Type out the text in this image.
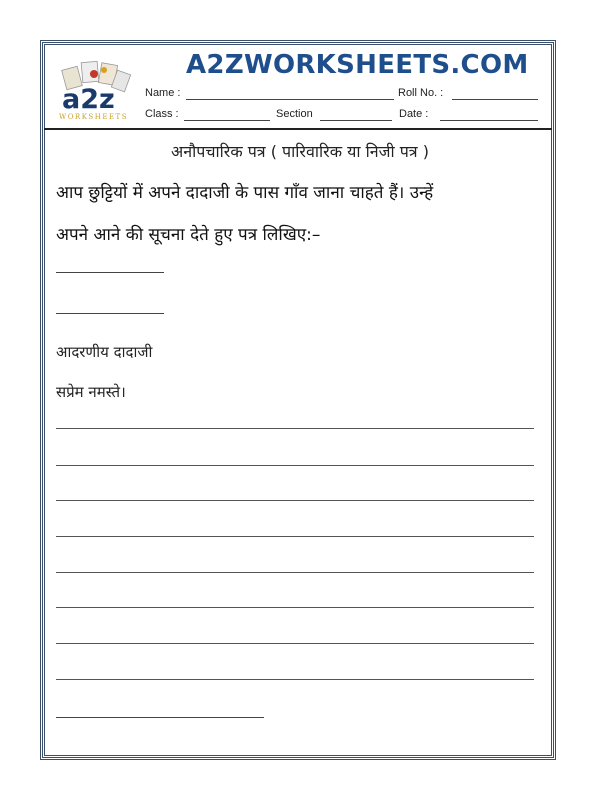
a2z
WORKSHEETS
A2ZWORKSHEETS.COM
Name :	Roll No. :
Class :	Section	Date :
अनौपचारिक पत्र ( पारिवारिक या निजी पत्र )
आप छुट्टियों में अपने दादाजी के पास गाँव जाना चाहते हैं। उन्हें
अपने आने की सूचना देते हुए पत्र लिखिए:–
आदरणीय दादाजी
सप्रेम नमस्ते।
